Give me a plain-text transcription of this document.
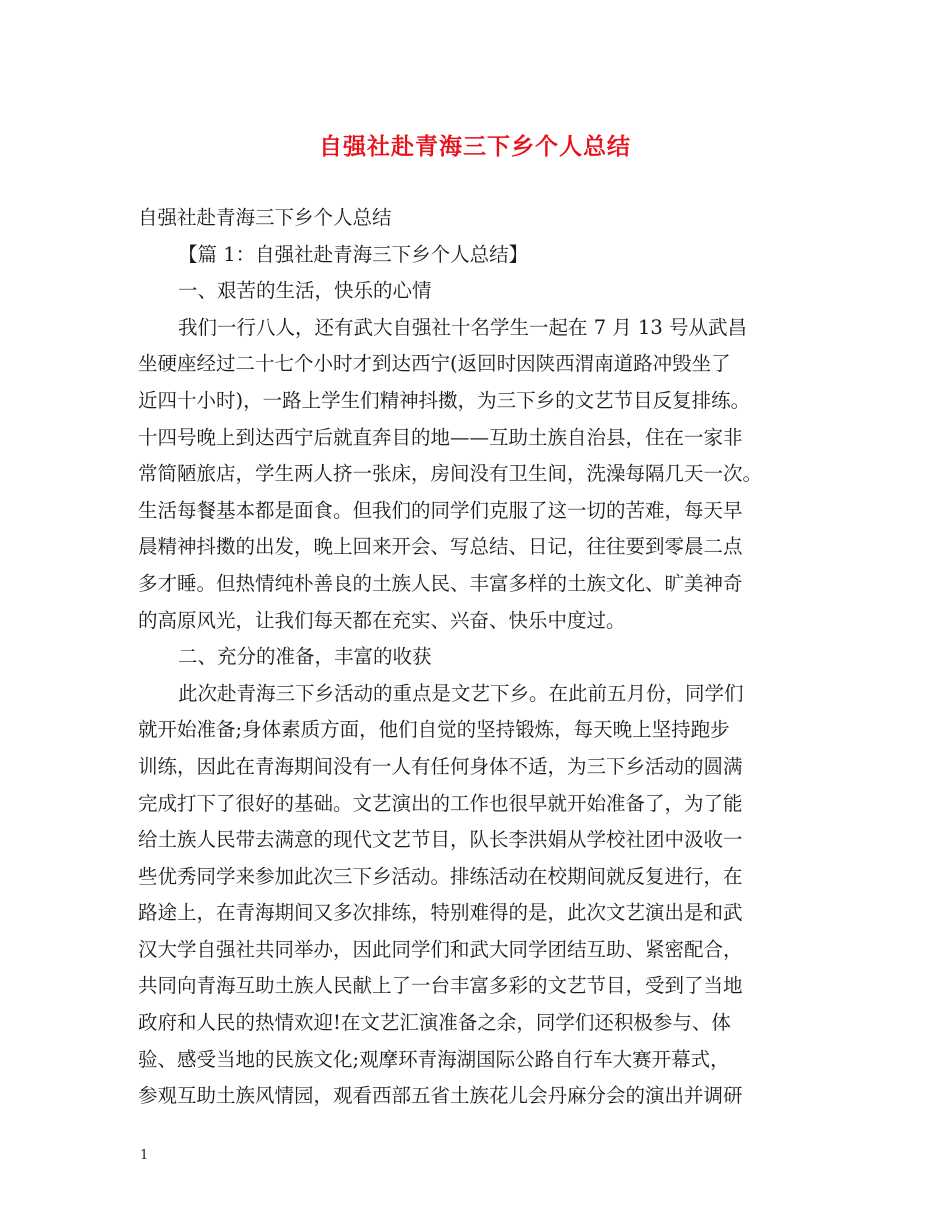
自强社赴青海三下乡个人总结
自强社赴青海三下乡个人总结
【篇 1：自强社赴青海三下乡个人总结】
一、艰苦的生活，快乐的心情
我们一行八人，还有武大自强社十名学生一起在 7 月 13 号从武昌
坐硬座经过二十七个小时才到达西宁(返回时因陕西渭南道路冲毁坐了
近四十小时)，一路上学生们精神抖擞，为三下乡的文艺节目反复排练。
十四号晚上到达西宁后就直奔目的地——互助土族自治县，住在一家非
常简陋旅店，学生两人挤一张床，房间没有卫生间，洗澡每隔几天一次。
生活每餐基本都是面食。但我们的同学们克服了这一切的苦难，每天早
晨精神抖擞的出发，晚上回来开会、写总结、日记，往往要到零晨二点
多才睡。但热情纯朴善良的土族人民、丰富多样的土族文化、旷美神奇
的高原风光，让我们每天都在充实、兴奋、快乐中度过。
二、充分的准备，丰富的收获
此次赴青海三下乡活动的重点是文艺下乡。在此前五月份，同学们
就开始准备;身体素质方面，他们自觉的坚持锻炼，每天晚上坚持跑步
训练，因此在青海期间没有一人有任何身体不适，为三下乡活动的圆满
完成打下了很好的基础。文艺演出的工作也很早就开始准备了，为了能
给土族人民带去满意的现代文艺节目，队长李洪娟从学校社团中汲收一
些优秀同学来参加此次三下乡活动。排练活动在校期间就反复进行，在
路途上，在青海期间又多次排练，特别难得的是，此次文艺演出是和武
汉大学自强社共同举办，因此同学们和武大同学团结互助、紧密配合，
共同向青海互助土族人民献上了一台丰富多彩的文艺节目，受到了当地
政府和人民的热情欢迎!在文艺汇演准备之余，同学们还积极参与、体
验、感受当地的民族文化;观摩环青海湖国际公路自行车大赛开幕式，
参观互助土族风情园，观看西部五省土族花儿会丹麻分会的演出并调研
1
